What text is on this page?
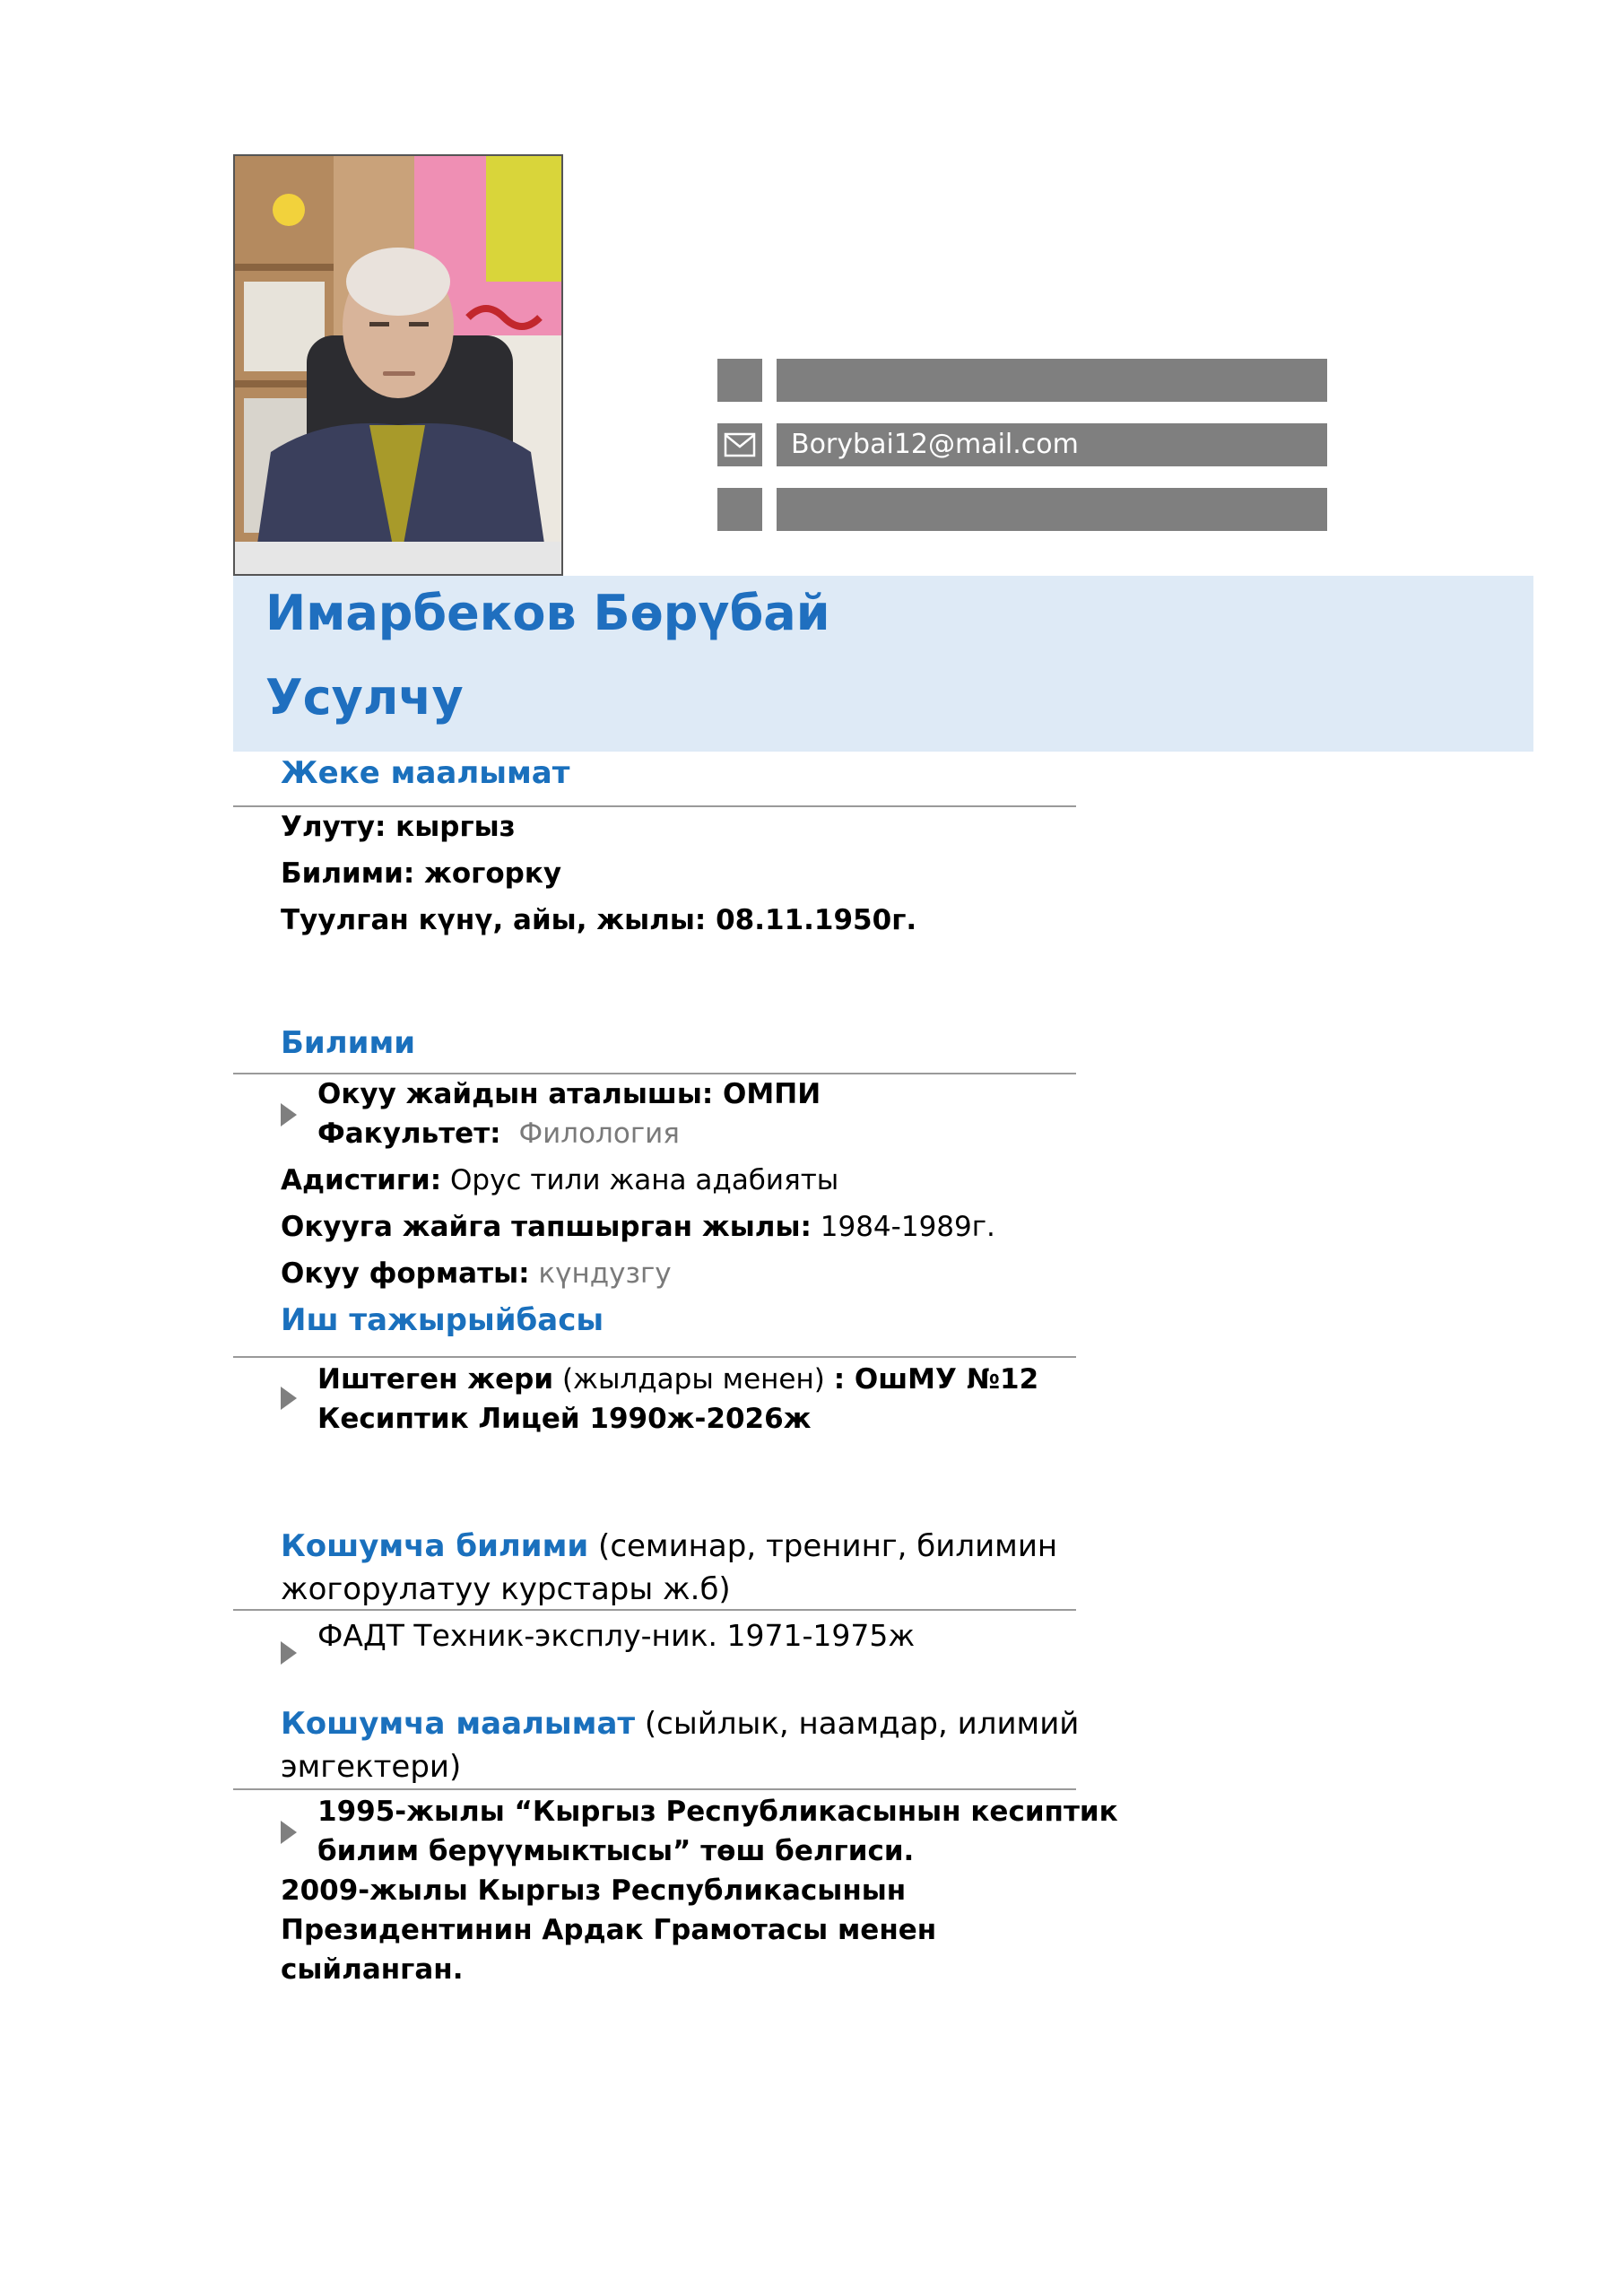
Borybai12@mail.com
Имарбеков Бөрүбай
Усулчу
Жеке маалымат
Улуту: кыргыз
Билими: жогорку
Туулган күнү, айы, жылы: 08.11.1950г.
Билими
Окуу жайдын аталышы: ОМПИ
Факультет: Филология
Адистиги: Орус тили жана адабияты
Окууга жайга тапшырган жылы: 1984-1989г.
Окуу форматы: күндузгу
Иш тажырыйбасы
Иштеген жери (жылдары менен) : ОшМУ №12
Кесиптик Лицей 1990ж-2026ж
Кошумча билими (семинар, тренинг, билимин
жогорулатуу курстары ж.б)
ФАДТ Техник-эксплу-ник. 1971-1975ж
Кошумча маалымат (сыйлык, наамдар, илимий
эмгектери)
1995-жылы “Кыргыз Республикасынын кесиптик
билим берүүмыктысы” төш белгиси.
2009-жылы Кыргыз Республикасынын
Президентинин Ардак Грамотасы менен
сыйланган.
